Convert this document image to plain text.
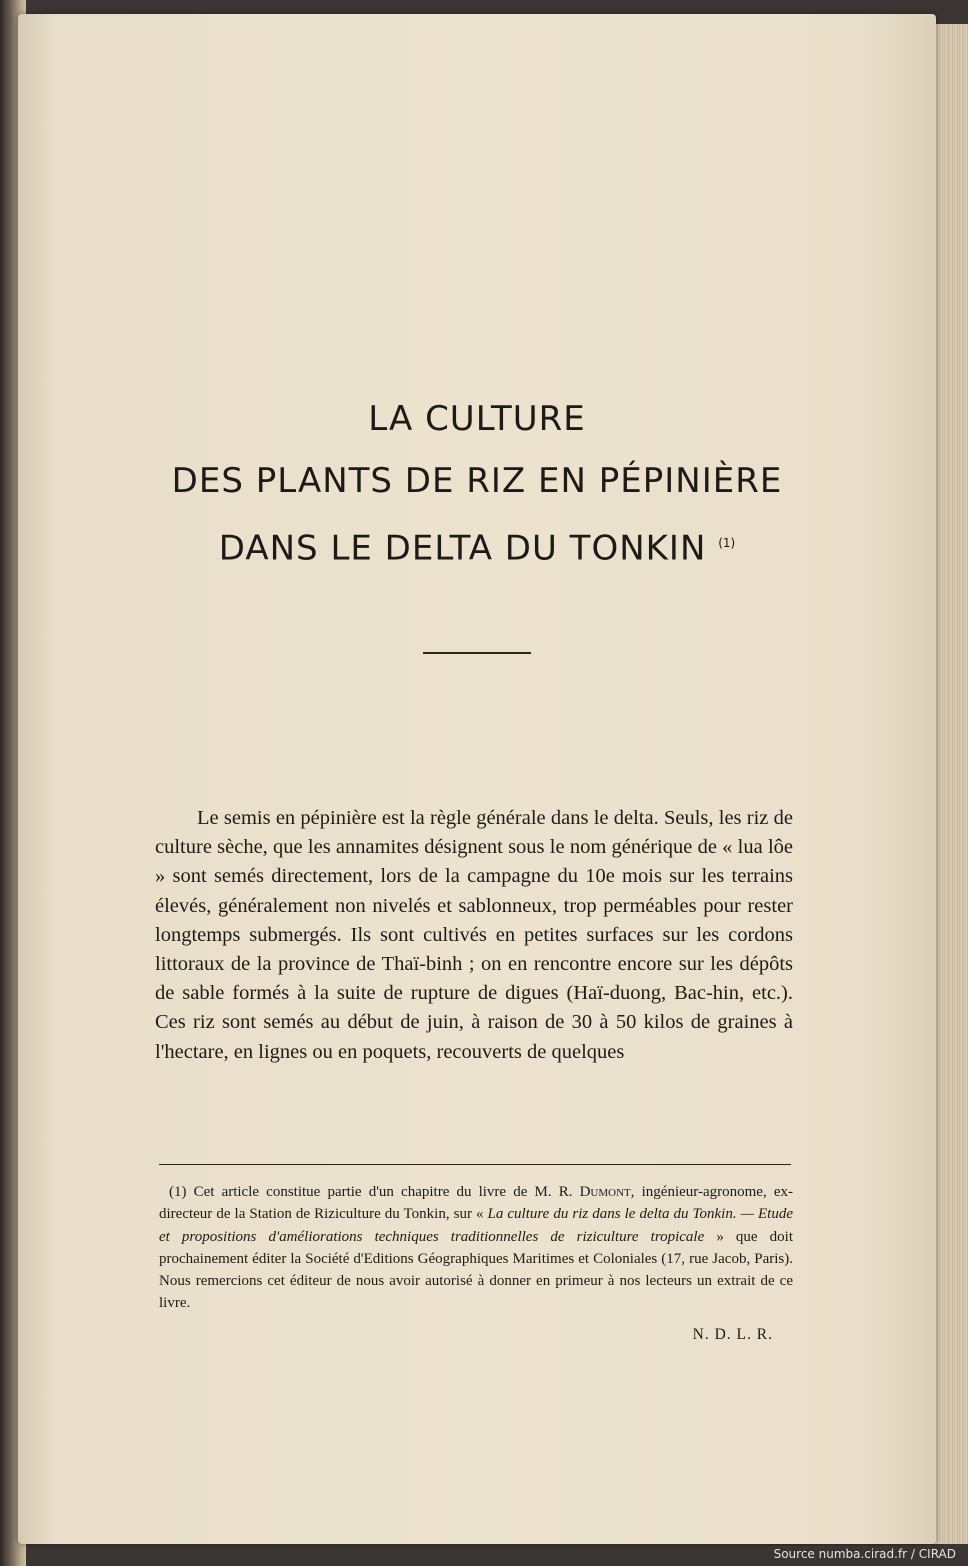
LA CULTURE
DES PLANTS DE RIZ EN PÉPINIÈRE
DANS LE DELTA DU TONKIN $^{(1)}$

Le semis en pépinière est la règle générale dans le delta. Seuls, les riz de culture sèche, que les annamites désignent sous le nom générique de « lua lôe » sont semés directement, lors de la campagne du 10e mois sur les terrains élevés, généralement non nivelés et sablonneux, trop perméables pour rester longtemps submergés. Ils sont cultivés en petites surfaces sur les cordons littoraux de la province de Thaï-binh ; on en rencontre encore sur les dépôts de sable formés à la suite de rupture de digues (Haï-duong, Bac-hin, etc.). Ces riz sont semés au début de juin, à raison de 30 à 50 kilos de graines à l'hectare, en lignes ou en poquets, recouverts de quelques

(1) Cet article constitue partie d'un chapitre du livre de M. R. Dumont, ingénieur-agronome, ex-directeur de la Station de Riziculture du Tonkin, sur « La culture du riz dans le delta du Tonkin. — Etude et propositions d'améliorations techniques traditionnelles de riziculture tropicale » que doit prochainement éditer la Société d'Editions Géographiques Maritimes et Coloniales (17, rue Jacob, Paris). Nous remercions cet éditeur de nous avoir autorisé à donner en primeur à nos lecteurs un extrait de ce livre.

N. D. L. R.
Source numba.cirad.fr / CIRAD
